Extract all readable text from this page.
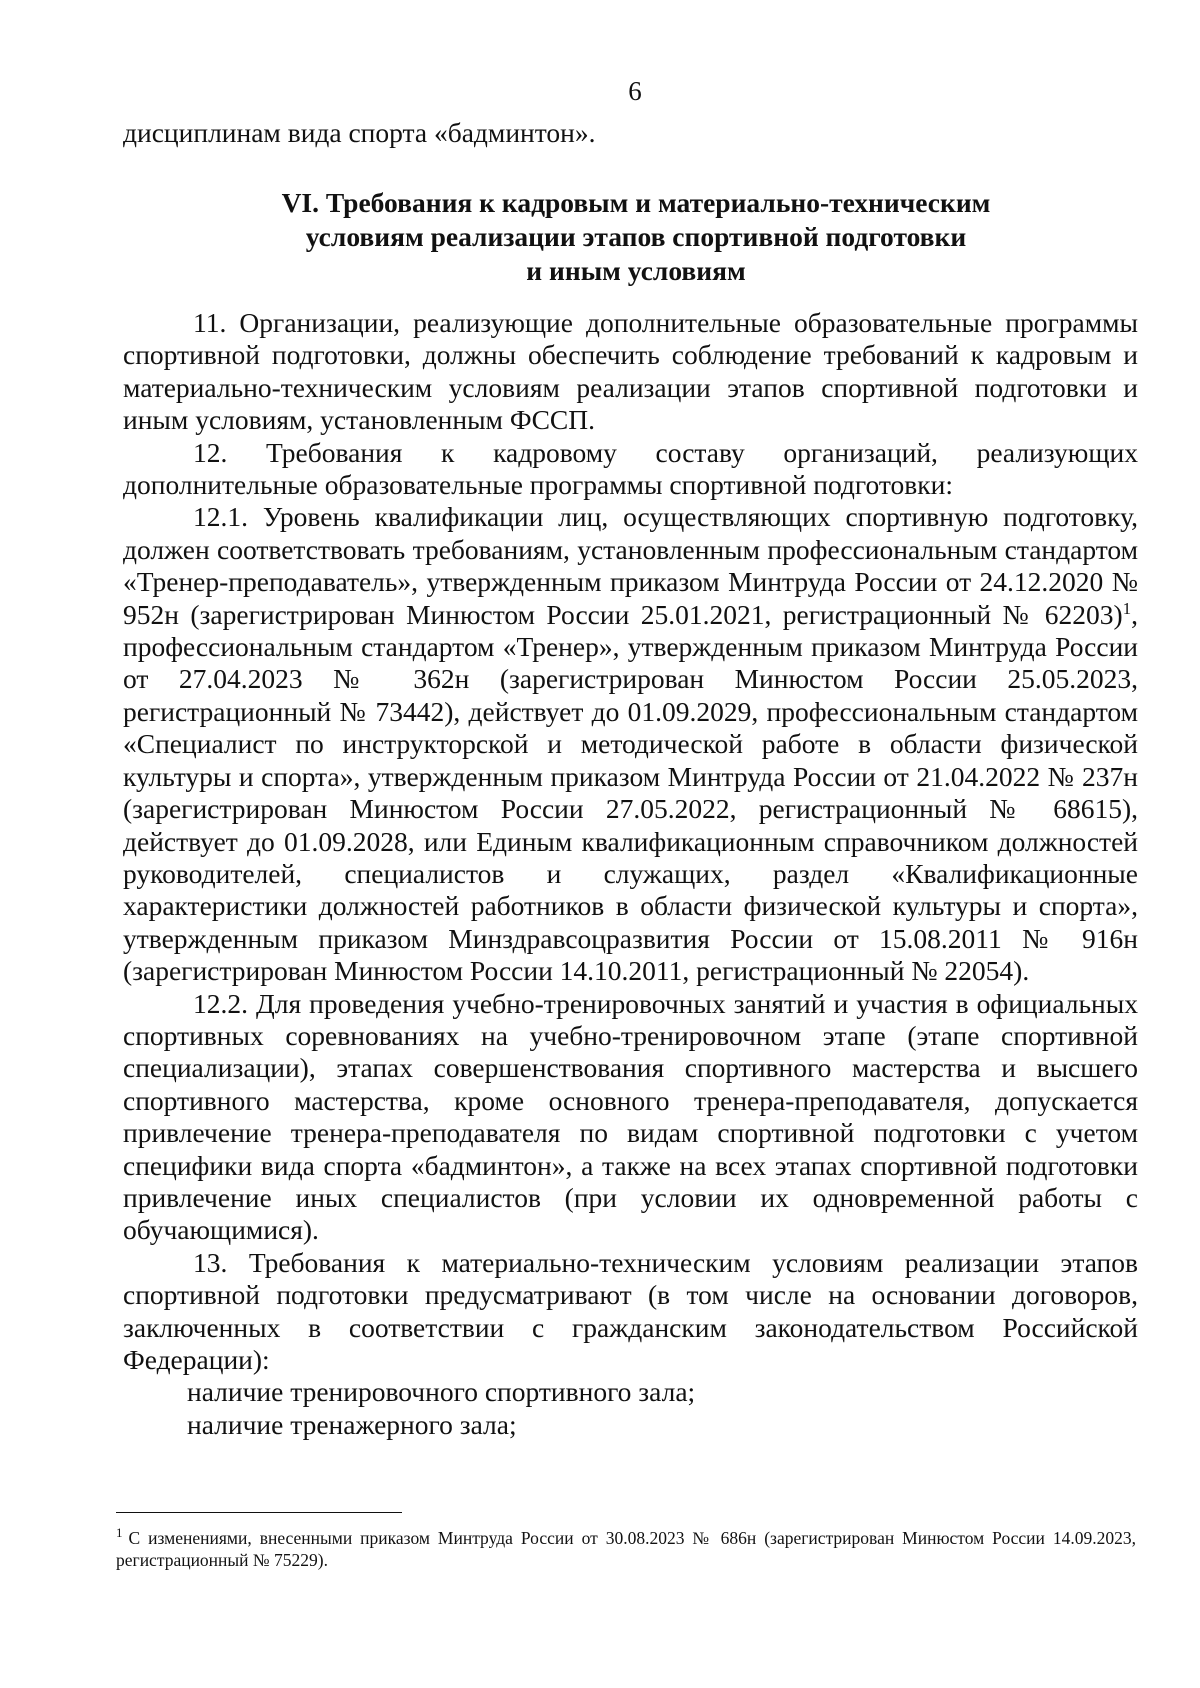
6
дисциплинам вида спорта «бадминтон».
VI. Требования к кадровым и материально-техническим
условиям реализации этапов спортивной подготовки
и иным условиям

11. Организации, реализующие дополнительные образовательные программы спортивной подготовки, должны обеспечить соблюдение требований к кадровым и материально-техническим условиям реализации этапов спортивной подготовки и иным условиям, установленным ФССП.

12. Требования к кадровому составу организаций, реализующих дополнительные образовательные программы спортивной подготовки:

12.1. Уровень квалификации лиц, осуществляющих спортивную подготовку, должен соответствовать требованиям, установленным профессиональным стандартом «Тренер-преподаватель», утвержденным приказом Минтруда России от 24.12.2020 № 952н (зарегистрирован Минюстом России 25.01.2021, регистрационный № 62203)$^1$, профессиональным стандартом «Тренер», утвержденным приказом Минтруда России от 27.04.2023 № 362н (зарегистрирован Минюстом России 25.05.2023, регистрационный № 73442), действует до 01.09.2029, профессиональным стандартом «Специалист по инструкторской и методической работе в области физической культуры и спорта», утвержденным приказом Минтруда России от 21.04.2022 № 237н (зарегистрирован Минюстом России 27.05.2022, регистрационный № 68615), действует до 01.09.2028, или Единым квалификационным справочником должностей руководителей, специалистов и служащих, раздел «Квалификационные характеристики должностей работников в области физической культуры и спорта», утвержденным приказом Минздравсоцразвития России от 15.08.2011 № 916н (зарегистрирован Минюстом России 14.10.2011, регистрационный № 22054).

12.2. Для проведения учебно-тренировочных занятий и участия в официальных спортивных соревнованиях на учебно-тренировочном этапе (этапе спортивной специализации), этапах совершенствования спортивного мастерства и высшего спортивного мастерства, кроме основного тренера-преподавателя, допускается привлечение тренера-преподавателя по видам спортивной подготовки с учетом специфики вида спорта «бадминтон», а также на всех этапах спортивной подготовки привлечение иных специалистов (при условии их одновременной работы с обучающимися).

13. Требования к материально-техническим условиям реализации этапов спортивной подготовки предусматривают (в том числе на основании договоров, заключенных в соответствии с гражданским законодательством Российской Федерации):

наличие тренировочного спортивного зала;

наличие тренажерного зала;

$^1$ С изменениями, внесенными приказом Минтруда России от 30.08.2023 № 686н (зарегистрирован Минюстом России 14.09.2023, регистрационный № 75229).
